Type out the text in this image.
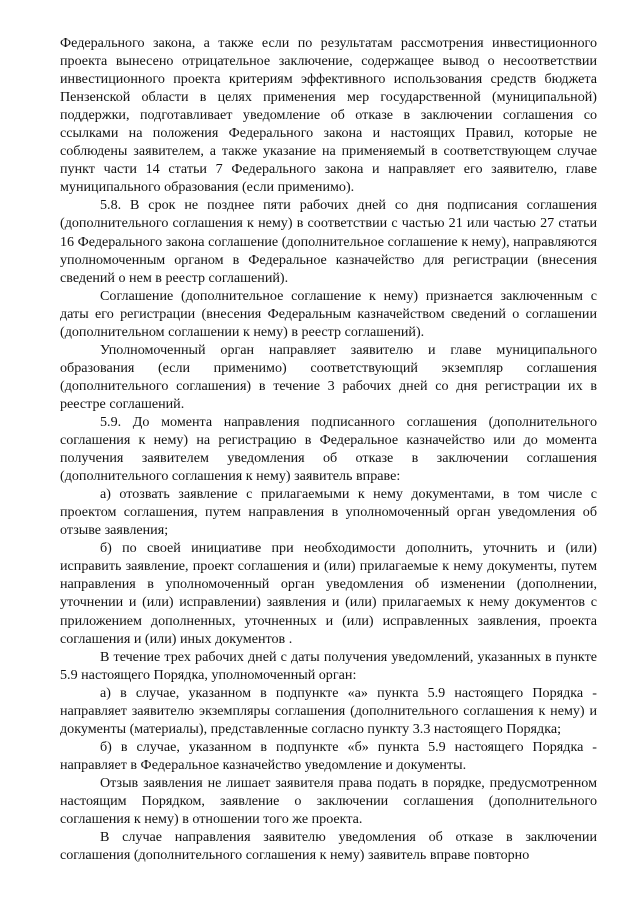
Федерального закона, а также если по результатам рассмотрения инвестиционного проекта вынесено отрицательное заключение, содержащее вывод о несоответствии инвестиционного проекта критериям эффективного использования средств бюджета Пензенской области в целях применения мер государственной (муниципальной) поддержки, подготавливает уведомление об отказе в заключении соглашения со ссылками на положения Федерального закона и настоящих Правил, которые не соблюдены заявителем, а также указание на применяемый в соответствующем случае пункт части 14 статьи 7 Федерального закона и направляет его заявителю, главе муниципального образования (если применимо).

5.8. В срок не позднее пяти рабочих дней со дня подписания соглашения (дополнительного соглашения к нему) в соответствии с частью 21 или частью 27 статьи 16 Федерального закона соглашение (дополнительное соглашение к нему), направляются уполномоченным органом в Федеральное казначейство для регистрации (внесения сведений о нем в реестр соглашений).

Соглашение (дополнительное соглашение к нему) признается заключенным с даты его регистрации (внесения Федеральным казначейством сведений о соглашении (дополнительном соглашении к нему) в реестр соглашений).

Уполномоченный орган направляет заявителю и главе муниципального образования (если применимо) соответствующий экземпляр соглашения (дополнительного соглашения) в течение 3 рабочих дней со дня регистрации их в реестре соглашений.

5.9. До момента направления подписанного соглашения (дополнительного соглашения к нему) на регистрацию в Федеральное казначейство или до момента получения заявителем уведомления об отказе в заключении соглашения (дополнительного соглашения к нему) заявитель вправе:

а) отозвать заявление с прилагаемыми к нему документами, в том числе с проектом соглашения, путем направления в уполномоченный орган уведомления об отзыве заявления;

б) по своей инициативе при необходимости дополнить, уточнить и (или) исправить заявление, проект соглашения и (или) прилагаемые к нему документы, путем направления в уполномоченный орган уведомления об изменении (дополнении, уточнении и (или) исправлении) заявления и (или) прилагаемых к нему документов с приложением дополненных, уточненных и (или) исправленных заявления, проекта соглашения и (или) иных документов .

В течение трех рабочих дней с даты получения уведомлений, указанных в пункте 5.9 настоящего Порядка, уполномоченный орган:

а) в случае, указанном в подпункте «а» пункта 5.9 настоящего Порядка - направляет заявителю экземпляры соглашения (дополнительного соглашения к нему) и документы (материалы), представленные согласно пункту 3.3 настоящего Порядка;

б) в случае, указанном в подпункте «б» пункта 5.9 настоящего Порядка - направляет в Федеральное казначейство уведомление и документы.

Отзыв заявления не лишает заявителя права подать в порядке, предусмотренном настоящим Порядком, заявление о заключении соглашения (дополнительного соглашения к нему) в отношении того же проекта.

В случае направления заявителю уведомления об отказе в заключении соглашения (дополнительного соглашения к нему) заявитель вправе повторно
